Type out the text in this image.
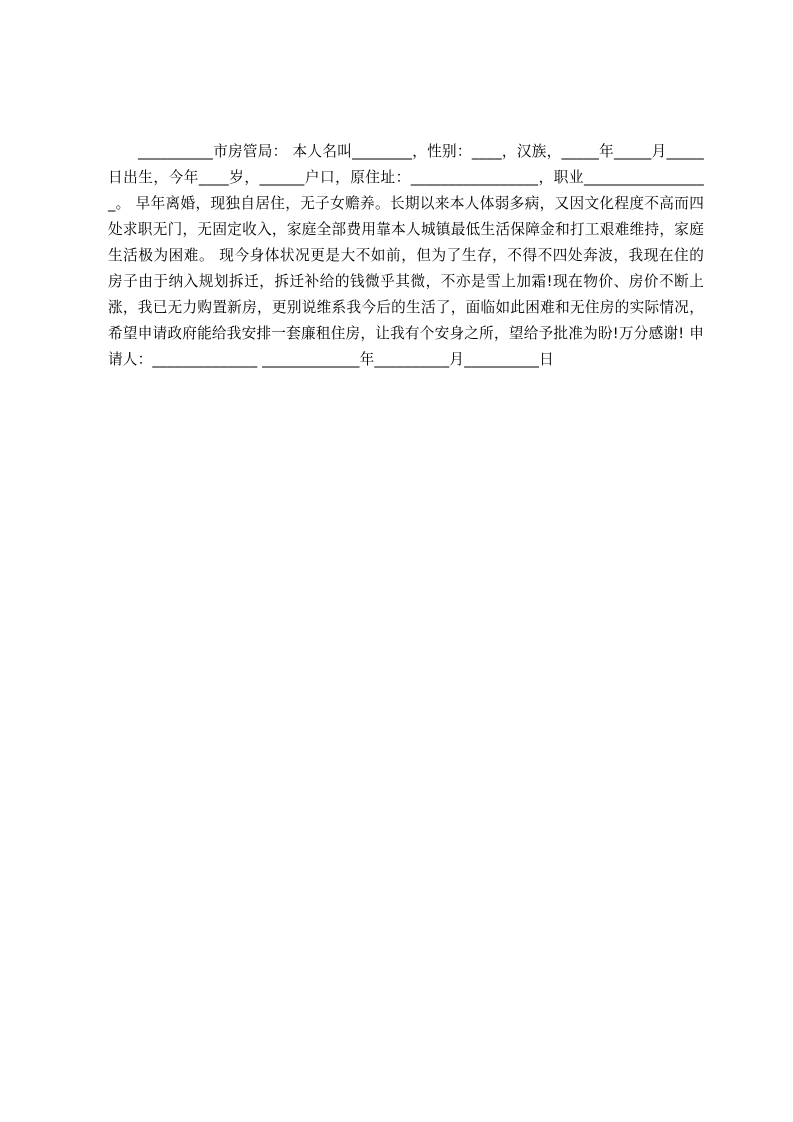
__________市房管局： 本人名叫________，性别：____，汉族，_____年_____月_____日出生，今年____岁，______户口，原住址：_________________，职业_________________。 早年离婚，现独自居住，无子女赡养。长期以来本人体弱多病，又因文化程度不高而四处求职无门，无固定收入，家庭全部费用靠本人城镇最低生活保障金和打工艰难维持，家庭生活极为困难。 现今身体状况更是大不如前，但为了生存，不得不四处奔波，我现在住的房子由于纳入规划拆迁，拆迁补给的钱微乎其微，不亦是雪上加霜!现在物价、房价不断上涨，我已无力购置新房，更别说维系我今后的生活了，面临如此困难和无住房的实际情况，希望申请政府能给我安排一套廉租住房，让我有个安身之所，望给予批准为盼!万分感谢! 申请人：______________ _____________年__________月__________日
